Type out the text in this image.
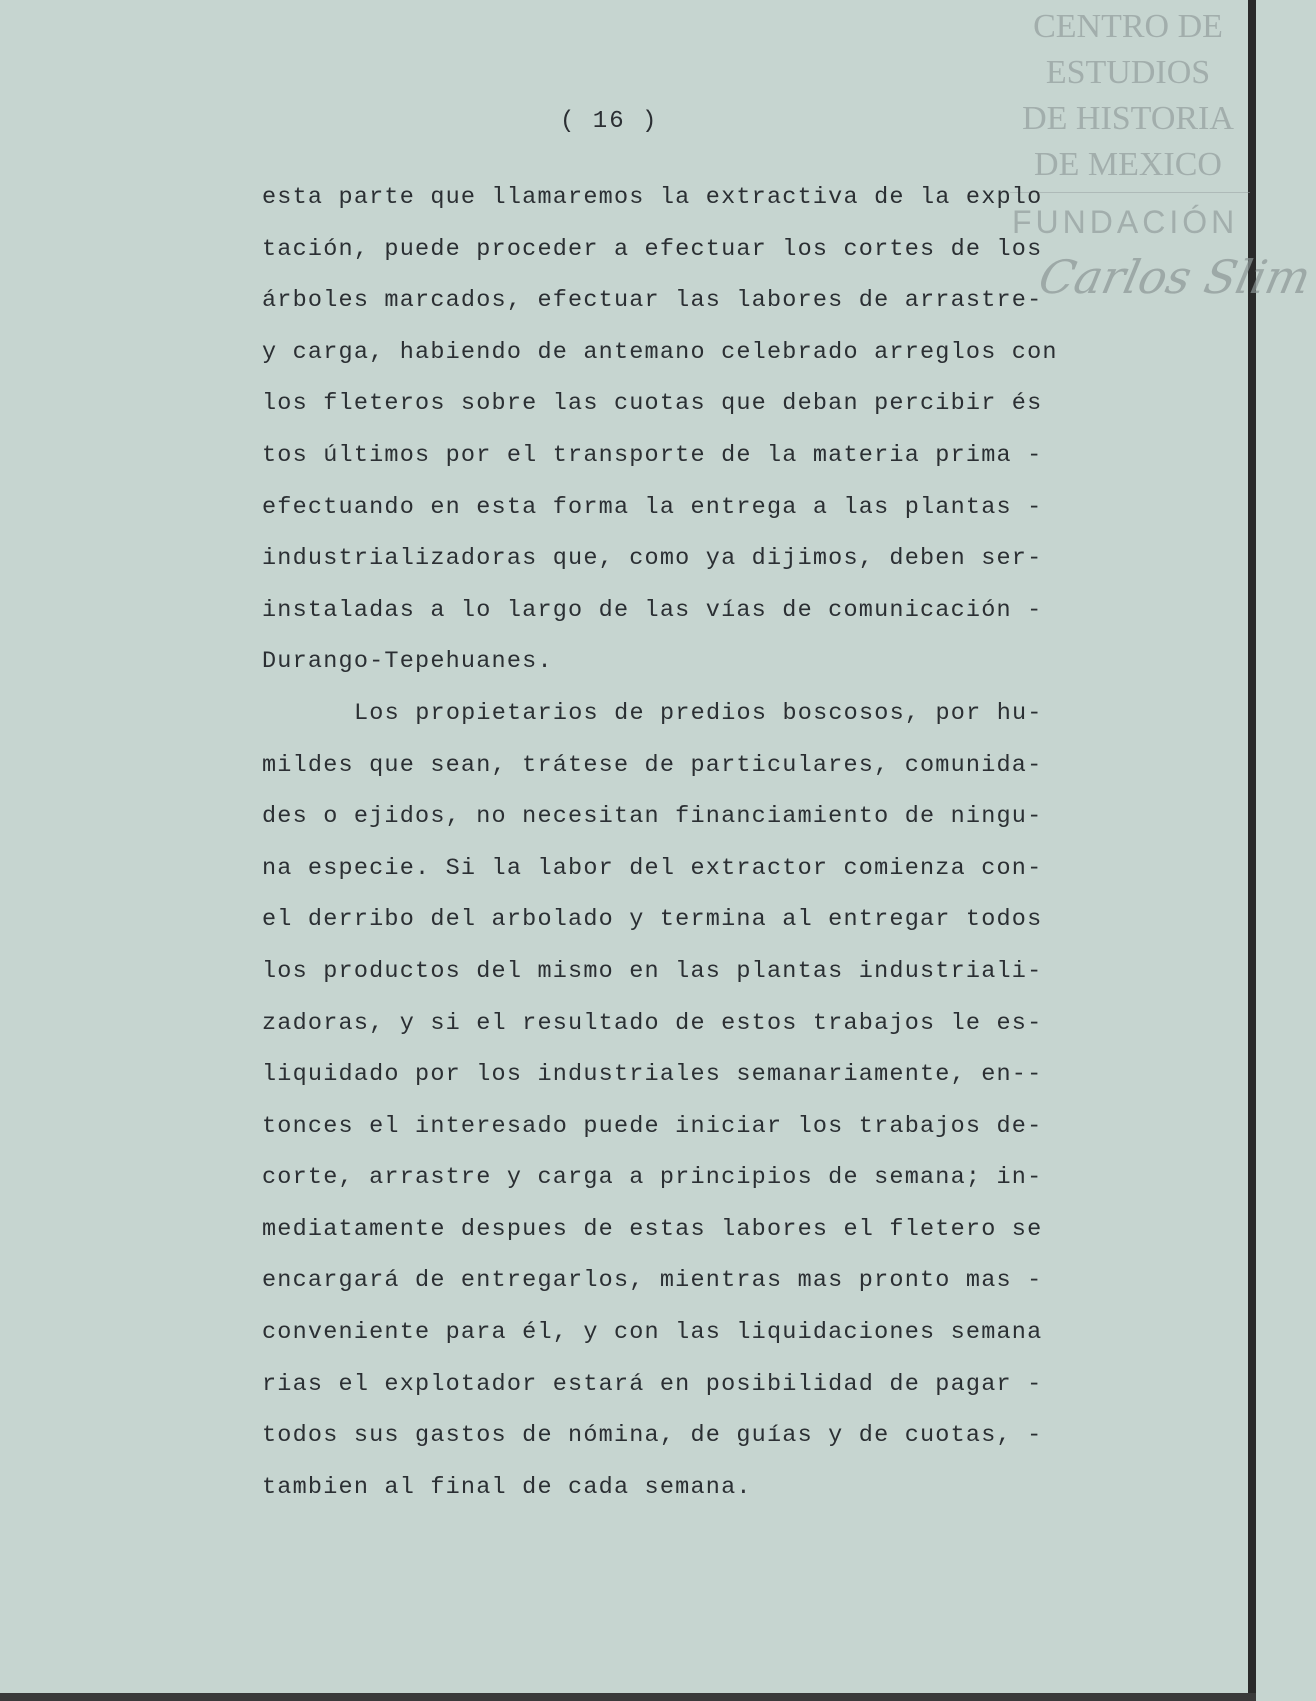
CENTRO DE
ESTUDIOS
DE HISTORIA
DE MEXICO
FUNDACIÓN
Carlos Slim
( 16 )
esta parte que llamaremos la extractiva de la explo
tación, puede proceder a efectuar los cortes de los
árboles marcados, efectuar las labores de arrastre-
y carga, habiendo de antemano celebrado arreglos con
los fleteros sobre las cuotas que deban percibir és
tos últimos por el transporte de la materia prima -
efectuando en esta forma la entrega a las plantas -
industrializadoras que, como ya dijimos, deben ser-
instaladas a lo largo de las vías de comunicación -
Durango-Tepehuanes.
Los propietarios de predios boscosos, por hu-
mildes que sean, trátese de particulares, comunida-
des o ejidos, no necesitan financiamiento de ningu-
na especie. Si la labor del extractor comienza con-
el derribo del arbolado y termina al entregar todos
los productos del mismo en las plantas industriali-
zadoras, y si el resultado de estos trabajos le es-
liquidado por los industriales semanariamente, en--
tonces el interesado puede iniciar los trabajos de-
corte, arrastre y carga a principios de semana; in-
mediatamente despues de estas labores el fletero se
encargará de entregarlos, mientras mas pronto mas -
conveniente para él, y con las liquidaciones semana
rias el explotador estará en posibilidad de pagar -
todos sus gastos de nómina, de guías y de cuotas, -
tambien al final de cada semana.
